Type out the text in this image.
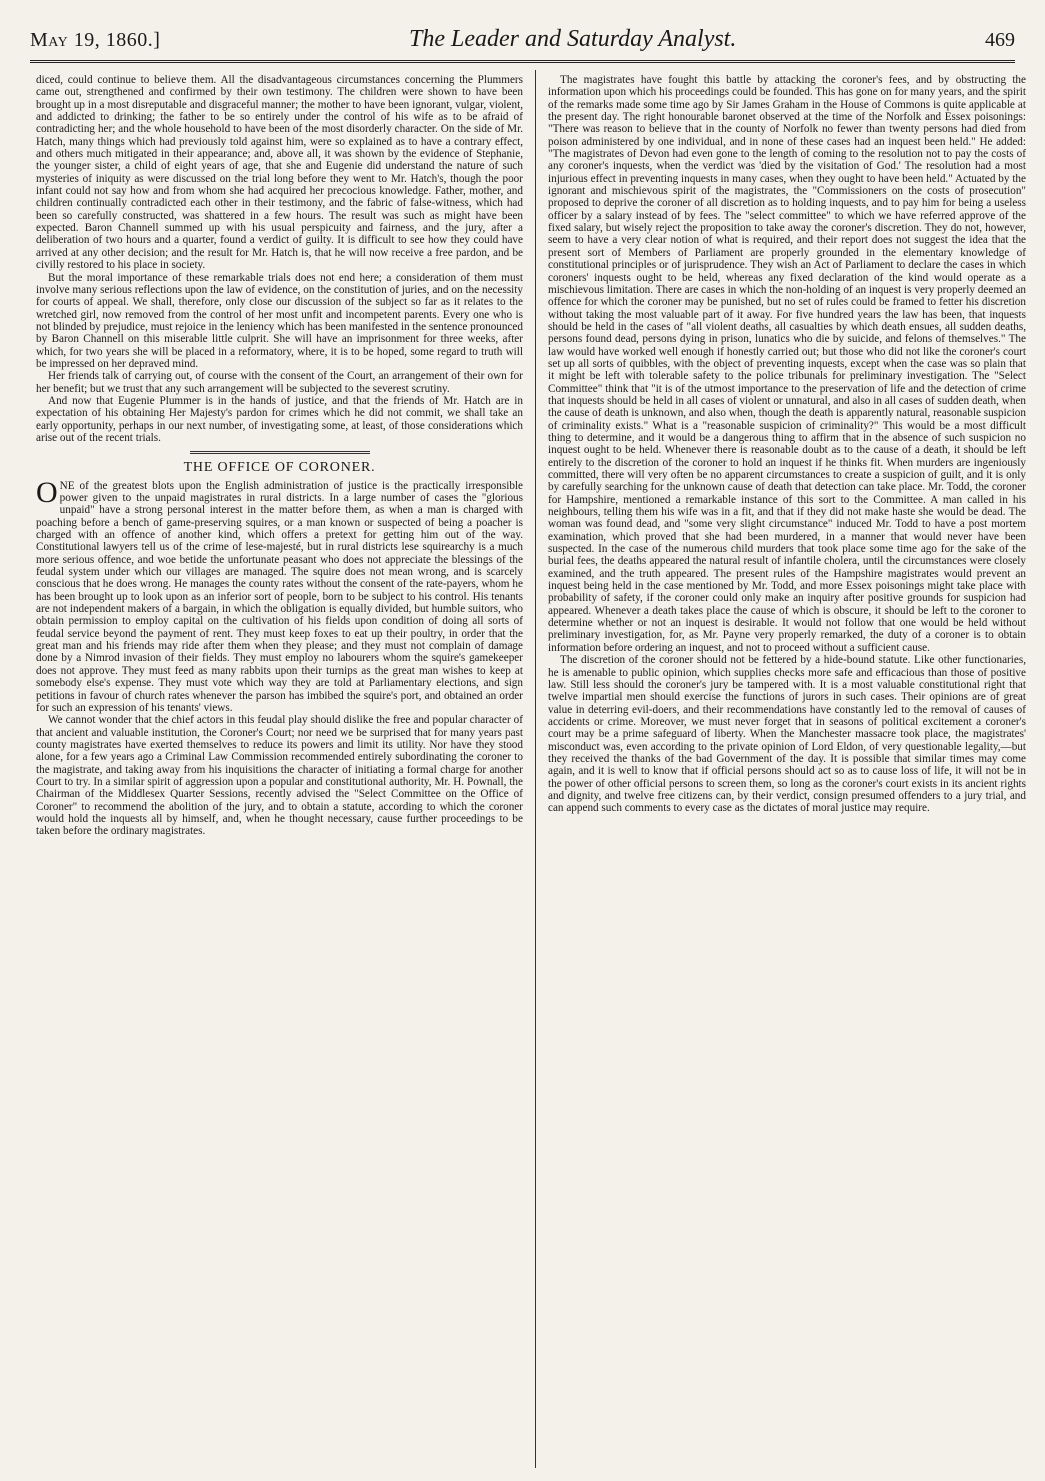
May 19, 1860.]	The Leader and Saturday Analyst.	469

diced, could continue to believe them. All the disadvantageous circumstances concerning the Plummers came out, strengthened and confirmed by their own testimony. The children were shown to have been brought up in a most disreputable and disgraceful manner; the mother to have been ignorant, vulgar, violent, and addicted to drinking; the father to be so entirely under the control of his wife as to be afraid of contradicting her; and the whole household to have been of the most disorderly character. On the side of Mr. Hatch, many things which had previously told against him, were so explained as to have a contrary effect, and others much mitigated in their appearance; and, above all, it was shown by the evidence of Stephanie, the younger sister, a child of eight years of age, that she and Eugenie did understand the nature of such mysteries of iniquity as were discussed on the trial long before they went to Mr. Hatch's, though the poor infant could not say how and from whom she had acquired her precocious knowledge. Father, mother, and children continually contradicted each other in their testimony, and the fabric of false-witness, which had been so carefully constructed, was shattered in a few hours. The result was such as might have been expected. Baron Channell summed up with his usual perspicuity and fairness, and the jury, after a deliberation of two hours and a quarter, found a verdict of guilty. It is difficult to see how they could have arrived at any other decision; and the result for Mr. Hatch is, that he will now receive a free pardon, and be civilly restored to his place in society.

But the moral importance of these remarkable trials does not end here; a consideration of them must involve many serious reflections upon the law of evidence, on the constitution of juries, and on the necessity for courts of appeal. We shall, therefore, only close our discussion of the subject so far as it relates to the wretched girl, now removed from the control of her most unfit and incompetent parents. Every one who is not blinded by prejudice, must rejoice in the leniency which has been manifested in the sentence pronounced by Baron Channell on this miserable little culprit. She will have an imprisonment for three weeks, after which, for two years she will be placed in a reformatory, where, it is to be hoped, some regard to truth will be impressed on her depraved mind.

Her friends talk of carrying out, of course with the consent of the Court, an arrangement of their own for her benefit; but we trust that any such arrangement will be subjected to the severest scrutiny.

And now that Eugenie Plummer is in the hands of justice, and that the friends of Mr. Hatch are in expectation of his obtaining Her Majesty's pardon for crimes which he did not commit, we shall take an early opportunity, perhaps in our next number, of investigating some, at least, of those considerations which arise out of the recent trials.

THE OFFICE OF CORONER.

ONE of the greatest blots upon the English administration of justice is the practically irresponsible power given to the unpaid magistrates in rural districts. In a large number of cases the "glorious unpaid" have a strong personal interest in the matter before them, as when a man is charged with poaching before a bench of game-preserving squires, or a man known or suspected of being a poacher is charged with an offence of another kind, which offers a pretext for getting him out of the way. Constitutional lawyers tell us of the crime of lese-majesté, but in rural districts lese squirearchy is a much more serious offence, and woe betide the unfortunate peasant who does not appreciate the blessings of the feudal system under which our villages are managed. The squire does not mean wrong, and is scarcely conscious that he does wrong. He manages the county rates without the consent of the rate-payers, whom he has been brought up to look upon as an inferior sort of people, born to be subject to his control. His tenants are not independent makers of a bargain, in which the obligation is equally divided, but humble suitors, who obtain permission to employ capital on the cultivation of his fields upon condition of doing all sorts of feudal service beyond the payment of rent. They must keep foxes to eat up their poultry, in order that the great man and his friends may ride after them when they please; and they must not complain of damage done by a Nimrod invasion of their fields. They must employ no labourers whom the squire's gamekeeper does not approve. They must feed as many rabbits upon their turnips as the great man wishes to keep at somebody else's expense. They must vote which way they are told at Parliamentary elections, and sign petitions in favour of church rates whenever the parson has imbibed the squire's port, and obtained an order for such an expression of his tenants' views.

We cannot wonder that the chief actors in this feudal play should dislike the free and popular character of that ancient and valuable institution, the Coroner's Court; nor need we be surprised that for many years past county magistrates have exerted themselves to reduce its powers and limit its utility. Nor have they stood alone, for a few years ago a Criminal Law Commission recommended entirely subordinating the coroner to the magistrate, and taking away from his inquisitions the character of initiating a formal charge for another Court to try. In a similar spirit of aggression upon a popular and constitutional authority, Mr. H. Pownall, the Chairman of the Middlesex Quarter Sessions, recently advised the "Select Committee on the Office of Coroner" to recommend the abolition of the jury, and to obtain a statute, according to which the coroner would hold the inquests all by himself, and, when he thought necessary, cause further proceedings to be taken before the ordinary magistrates.

The magistrates have fought this battle by attacking the coroner's fees, and by obstructing the information upon which his proceedings could be founded. This has gone on for many years, and the spirit of the remarks made some time ago by Sir James Graham in the House of Commons is quite applicable at the present day. The right honourable baronet observed at the time of the Norfolk and Essex poisonings: "There was reason to believe that in the county of Norfolk no fewer than twenty persons had died from poison administered by one individual, and in none of these cases had an inquest been held." He added: "The magistrates of Devon had even gone to the length of coming to the resolution not to pay the costs of any coroner's inquests, when the verdict was 'died by the visitation of God.' The resolution had a most injurious effect in preventing inquests in many cases, when they ought to have been held." Actuated by the ignorant and mischievous spirit of the magistrates, the "Commissioners on the costs of prosecution" proposed to deprive the coroner of all discretion as to holding inquests, and to pay him for being a useless officer by a salary instead of by fees. The "select committee" to which we have referred approve of the fixed salary, but wisely reject the proposition to take away the coroner's discretion. They do not, however, seem to have a very clear notion of what is required, and their report does not suggest the idea that the present sort of Members of Parliament are properly grounded in the elementary knowledge of constitutional principles or of jurisprudence. They wish an Act of Parliament to declare the cases in which coroners' inquests ought to be held, whereas any fixed declaration of the kind would operate as a mischievous limitation. There are cases in which the non-holding of an inquest is very properly deemed an offence for which the coroner may be punished, but no set of rules could be framed to fetter his discretion without taking the most valuable part of it away. For five hundred years the law has been, that inquests should be held in the cases of "all violent deaths, all casualties by which death ensues, all sudden deaths, persons found dead, persons dying in prison, lunatics who die by suicide, and felons of themselves." The law would have worked well enough if honestly carried out; but those who did not like the coroner's court set up all sorts of quibbles, with the object of preventing inquests, except when the case was so plain that it might be left with tolerable safety to the police tribunals for preliminary investigation. The "Select Committee" think that "it is of the utmost importance to the preservation of life and the detection of crime that inquests should be held in all cases of violent or unnatural, and also in all cases of sudden death, when the cause of death is unknown, and also when, though the death is apparently natural, reasonable suspicion of criminality exists." What is a "reasonable suspicion of criminality?" This would be a most difficult thing to determine, and it would be a dangerous thing to affirm that in the absence of such suspicion no inquest ought to be held. Whenever there is reasonable doubt as to the cause of a death, it should be left entirely to the discretion of the coroner to hold an inquest if he thinks fit. When murders are ingeniously committed, there will very often be no apparent circumstances to create a suspicion of guilt, and it is only by carefully searching for the unknown cause of death that detection can take place. Mr. Todd, the coroner for Hampshire, mentioned a remarkable instance of this sort to the Committee. A man called in his neighbours, telling them his wife was in a fit, and that if they did not make haste she would be dead. The woman was found dead, and "some very slight circumstance" induced Mr. Todd to have a post mortem examination, which proved that she had been murdered, in a manner that would never have been suspected. In the case of the numerous child murders that took place some time ago for the sake of the burial fees, the deaths appeared the natural result of infantile cholera, until the circumstances were closely examined, and the truth appeared. The present rules of the Hampshire magistrates would prevent an inquest being held in the case mentioned by Mr. Todd, and more Essex poisonings might take place with probability of safety, if the coroner could only make an inquiry after positive grounds for suspicion had appeared. Whenever a death takes place the cause of which is obscure, it should be left to the coroner to determine whether or not an inquest is desirable. It would not follow that one would be held without preliminary investigation, for, as Mr. Payne very properly remarked, the duty of a coroner is to obtain information before ordering an inquest, and not to proceed without a sufficient cause.

The discretion of the coroner should not be fettered by a hide-bound statute. Like other functionaries, he is amenable to public opinion, which supplies checks more safe and efficacious than those of positive law. Still less should the coroner's jury be tampered with. It is a most valuable constitutional right that twelve impartial men should exercise the functions of jurors in such cases. Their opinions are of great value in deterring evil-doers, and their recommendations have constantly led to the removal of causes of accidents or crime. Moreover, we must never forget that in seasons of political excitement a coroner's court may be a prime safeguard of liberty. When the Manchester massacre took place, the magistrates' misconduct was, even according to the private opinion of Lord Eldon, of very questionable legality,—but they received the thanks of the bad Government of the day. It is possible that similar times may come again, and it is well to know that if official persons should act so as to cause loss of life, it will not be in the power of other official persons to screen them, so long as the coroner's court exists in its ancient rights and dignity, and twelve free citizens can, by their verdict, consign presumed offenders to a jury trial, and can append such comments to every case as the dictates of moral justice may require.
